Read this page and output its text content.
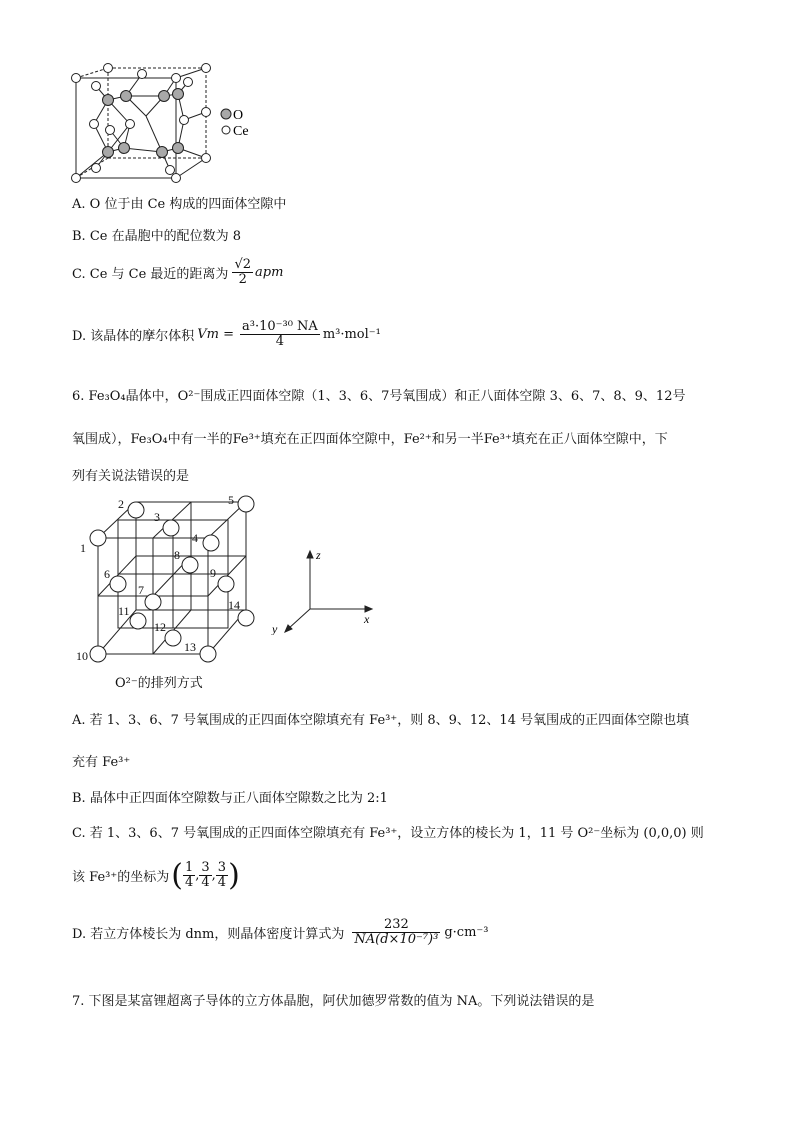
O
Ce
A. O 位于由 Ce 构成的四面体空隙中
B. Ce 在晶胞中的配位数为 8
C. Ce 与 Ce 最近的距离为 $\frac{√2}{2}$ apm
D. 该晶体的摩尔体积 $Vm = \frac{\text{a³·10⁻³⁰ NA}}{4} m^3\cdot mol^{-1}$
6. Fe₃O₄晶体中，O²⁻围成正四面体空隙（1、3、6、7号氧围成）和正八面体空隙 3、6、7、8、9、12号
氧围成），Fe₃O₄中有一半的Fe³⁺填充在正四面体空隙中，Fe²⁺和另一半Fe³⁺填充在正八面体空隙中，下
列有关说法错误的是
1
2
3
4
5
6
7
8
9
10
11
12
13
14
O²⁻的排列方式
z
x
y
A. 若 1、3、6、7 号氧围成的正四面体空隙填充有 Fe³⁺，则 8、9、12、14 号氧围成的正四面体空隙也填
充有 Fe³⁺
B. 晶体中正四面体空隙数与正八面体空隙数之比为 2:1
C. 若 1、3、6、7 号氧围成的正四面体空隙填充有 Fe³⁺，设立方体的棱长为 1，11 号 O²⁻坐标为 (0,0,0) 则
该 Fe³⁺的坐标为 ( $\frac{1}{4}$ , $\frac{3}{4}$ , $\frac{3}{4}$ )
D. 若立方体棱长为 dnm，则晶体密度计算式为 $\frac{232}{\text{NA(d×10⁻⁷)³}} g\cdot cm^{-3}$
7. 下图是某富锂超离子导体的立方体晶胞，阿伏加德罗常数的值为 NA。下列说法错误的是
